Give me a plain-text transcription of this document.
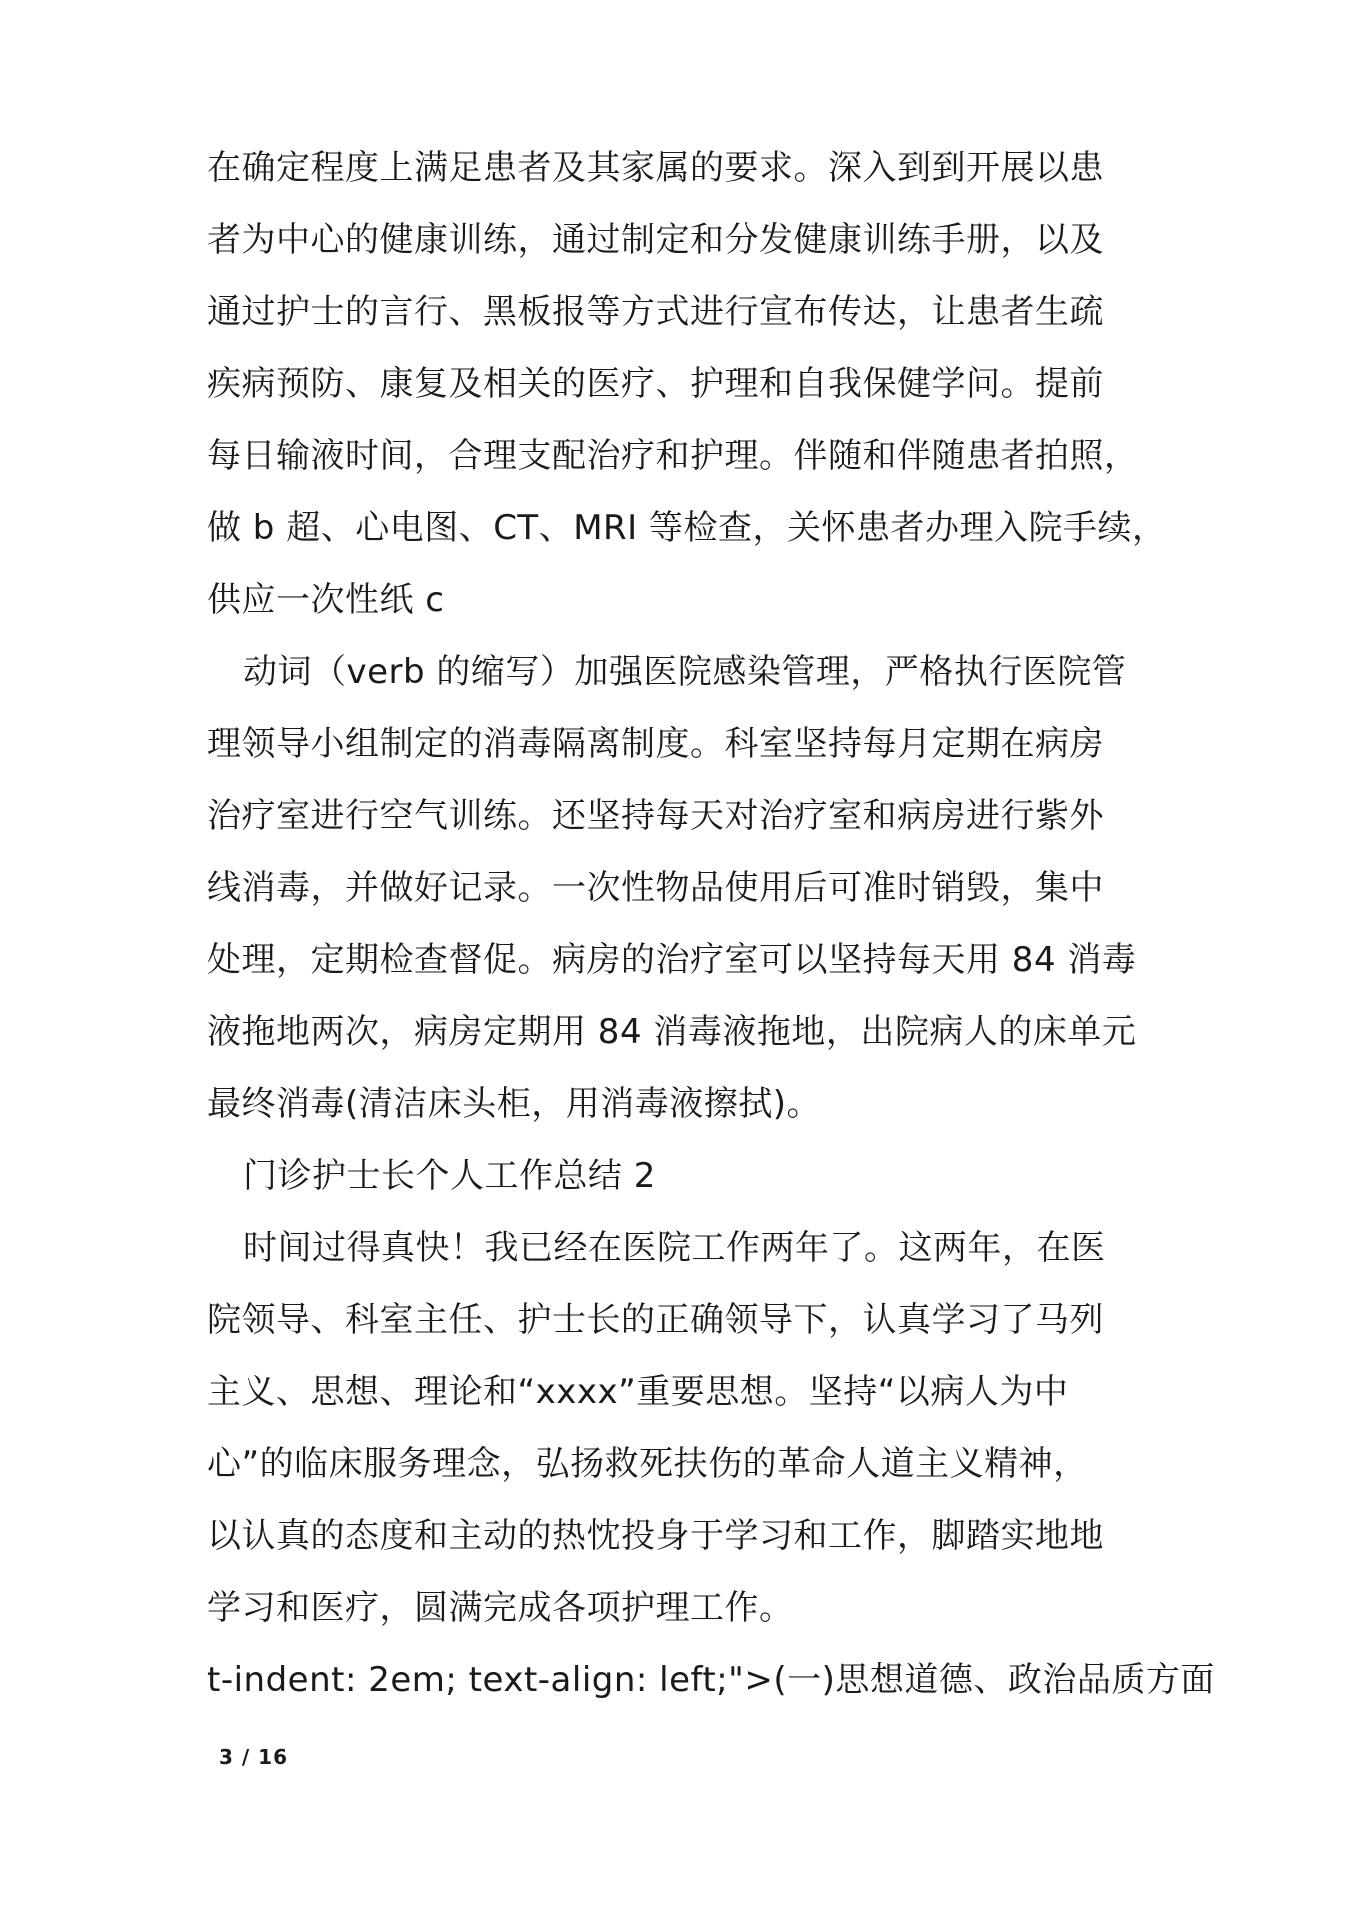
在确定程度上满足患者及其家属的要求。深入到到开展以患
者为中心的健康训练，通过制定和分发健康训练手册，以及
通过护士的言行、黑板报等方式进行宣布传达，让患者生疏
疾病预防、康复及相关的医疗、护理和自我保健学问。提前
每日输液时间，合理支配治疗和护理。伴随和伴随患者拍照，
做 b 超、心电图、CT、MRI 等检查，关怀患者办理入院手续，
供应一次性纸 c
动词（verb 的缩写）加强医院感染管理，严格执行医院管
理领导小组制定的消毒隔离制度。科室坚持每月定期在病房
治疗室进行空气训练。还坚持每天对治疗室和病房进行紫外
线消毒，并做好记录。一次性物品使用后可准时销毁，集中
处理，定期检查督促。病房的治疗室可以坚持每天用 84 消毒
液拖地两次，病房定期用 84 消毒液拖地，出院病人的床单元
最终消毒(清洁床头柜，用消毒液擦拭)。
门诊护士长个人工作总结 2
时间过得真快！我已经在医院工作两年了。这两年，在医
院领导、科室主任、护士长的正确领导下，认真学习了马列
主义、思想、理论和“xxxx”重要思想。坚持“以病人为中
心”的临床服务理念，弘扬救死扶伤的革命人道主义精神，
以认真的态度和主动的热忱投身于学习和工作，脚踏实地地
学习和医疗，圆满完成各项护理工作。
t-indent: 2em; text-align: left;">(一)思想道德、政治品质方面
3 / 16
